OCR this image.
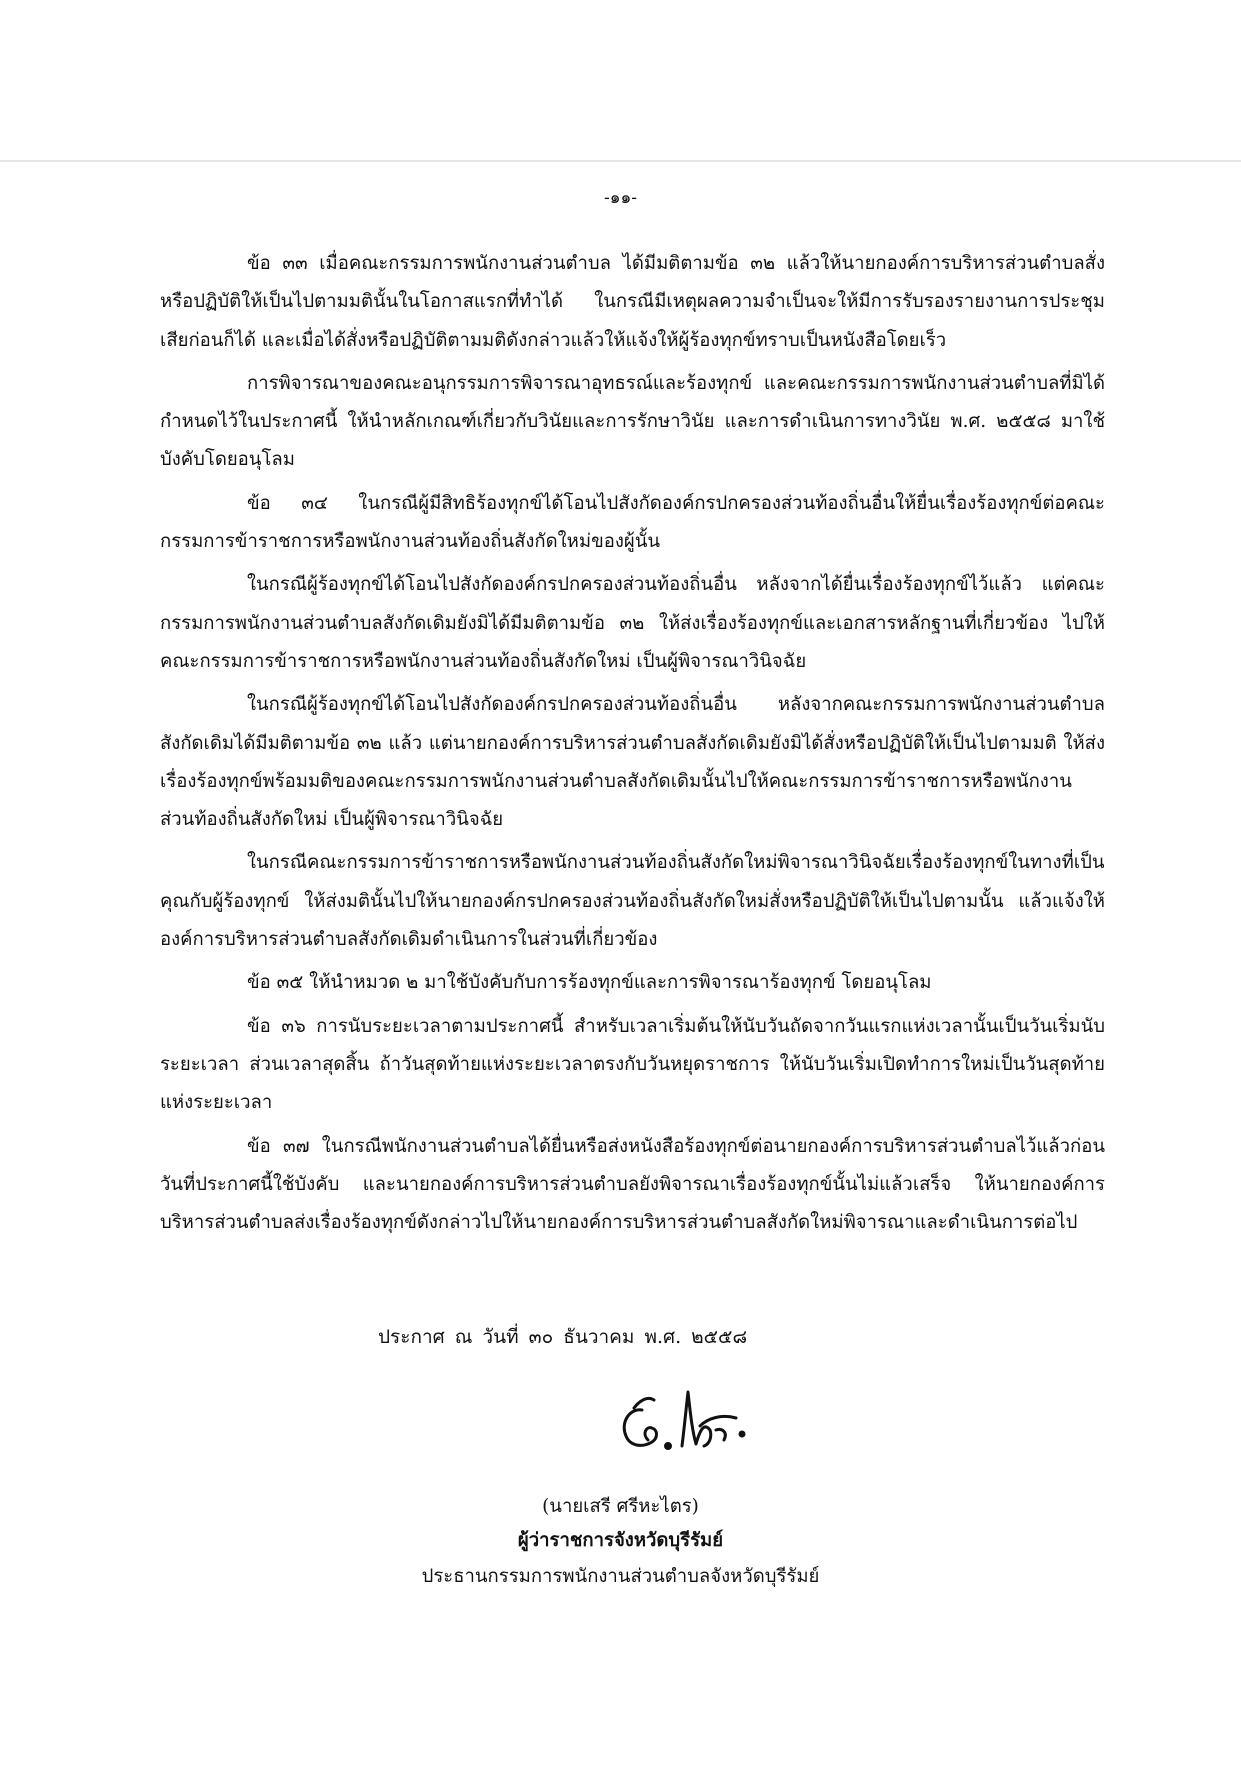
-๑๑-

ข้อ ๓๓ เมื่อคณะกรรมการพนักงานส่วนตำบล ได้มีมติตามข้อ ๓๒ แล้วให้นายกองค์การบริหารส่วนตำบลสั่งหรือปฏิบัติให้เป็นไปตามมตินั้นในโอกาสแรกที่ทำได้ ในกรณีมีเหตุผลความจำเป็นจะให้มีการรับรองรายงานการประชุมเสียก่อนก็ได้ และเมื่อได้สั่งหรือปฏิบัติตามมติดังกล่าวแล้วให้แจ้งให้ผู้ร้องทุกข์ทราบเป็นหนังสือโดยเร็ว

การพิจารณาของคณะอนุกรรมการพิจารณาอุทธรณ์และร้องทุกข์ และคณะกรรมการพนักงานส่วนตำบลที่มิได้กำหนดไว้ในประกาศนี้ ให้นำหลักเกณฑ์เกี่ยวกับวินัยและการรักษาวินัย และการดำเนินการทางวินัย พ.ศ. ๒๕๕๘ มาใช้บังคับโดยอนุโลม

ข้อ ๓๔ ในกรณีผู้มีสิทธิร้องทุกข์ได้โอนไปสังกัดองค์กรปกครองส่วนท้องถิ่นอื่นให้ยื่นเรื่องร้องทุกข์ต่อคณะกรรมการข้าราชการหรือพนักงานส่วนท้องถิ่นสังกัดใหม่ของผู้นั้น

ในกรณีผู้ร้องทุกข์ได้โอนไปสังกัดองค์กรปกครองส่วนท้องถิ่นอื่น หลังจากได้ยื่นเรื่องร้องทุกข์ไว้แล้ว แต่คณะกรรมการพนักงานส่วนตำบลสังกัดเดิมยังมิได้มีมติตามข้อ ๓๒ ให้ส่งเรื่องร้องทุกข์และเอกสารหลักฐานที่เกี่ยวข้อง ไปให้คณะกรรมการข้าราชการหรือพนักงานส่วนท้องถิ่นสังกัดใหม่ เป็นผู้พิจารณาวินิจฉัย

ในกรณีผู้ร้องทุกข์ได้โอนไปสังกัดองค์กรปกครองส่วนท้องถิ่นอื่น หลังจากคณะกรรมการพนักงานส่วนตำบลสังกัดเดิมได้มีมติตามข้อ ๓๒ แล้ว แต่นายกองค์การบริหารส่วนตำบลสังกัดเดิมยังมิได้สั่งหรือปฏิบัติให้เป็นไปตามมติ ให้ส่งเรื่องร้องทุกข์พร้อมมติของคณะกรรมการพนักงานส่วนตำบลสังกัดเดิมนั้นไปให้คณะกรรมการข้าราชการหรือพนักงานส่วนท้องถิ่นสังกัดใหม่ เป็นผู้พิจารณาวินิจฉัย

ในกรณีคณะกรรมการข้าราชการหรือพนักงานส่วนท้องถิ่นสังกัดใหม่พิจารณาวินิจฉัยเรื่องร้องทุกข์ในทางที่เป็นคุณกับผู้ร้องทุกข์ ให้ส่งมตินั้นไปให้นายกองค์กรปกครองส่วนท้องถิ่นสังกัดใหม่สั่งหรือปฏิบัติให้เป็นไปตามนั้น แล้วแจ้งให้องค์การบริหารส่วนตำบลสังกัดเดิมดำเนินการในส่วนที่เกี่ยวข้อง

ข้อ ๓๕ ให้นำหมวด ๒ มาใช้บังคับกับการร้องทุกข์และการพิจารณาร้องทุกข์ โดยอนุโลม

ข้อ ๓๖ การนับระยะเวลาตามประกาศนี้ สำหรับเวลาเริ่มต้นให้นับวันถัดจากวันแรกแห่งเวลานั้นเป็นวันเริ่มนับระยะเวลา ส่วนเวลาสุดสิ้น ถ้าวันสุดท้ายแห่งระยะเวลาตรงกับวันหยุดราชการ ให้นับวันเริ่มเปิดทำการใหม่เป็นวันสุดท้ายแห่งระยะเวลา

ข้อ ๓๗ ในกรณีพนักงานส่วนตำบลได้ยื่นหรือส่งหนังสือร้องทุกข์ต่อนายกองค์การบริหารส่วนตำบลไว้แล้วก่อนวันที่ประกาศนี้ใช้บังคับ และนายกองค์การบริหารส่วนตำบลยังพิจารณาเรื่องร้องทุกข์นั้นไม่แล้วเสร็จ ให้นายกองค์การบริหารส่วนตำบลส่งเรื่องร้องทุกข์ดังกล่าวไปให้นายกองค์การบริหารส่วนตำบลสังกัดใหม่พิจารณาและดำเนินการต่อไป

ประกาศ ณ วันที่ ๓๐ ธันวาคม พ.ศ. ๒๕๕๘
(นายเสรี ศรีหะไตร)
ผู้ว่าราชการจังหวัดบุรีรัมย์
ประธานกรรมการพนักงานส่วนตำบลจังหวัดบุรีรัมย์
